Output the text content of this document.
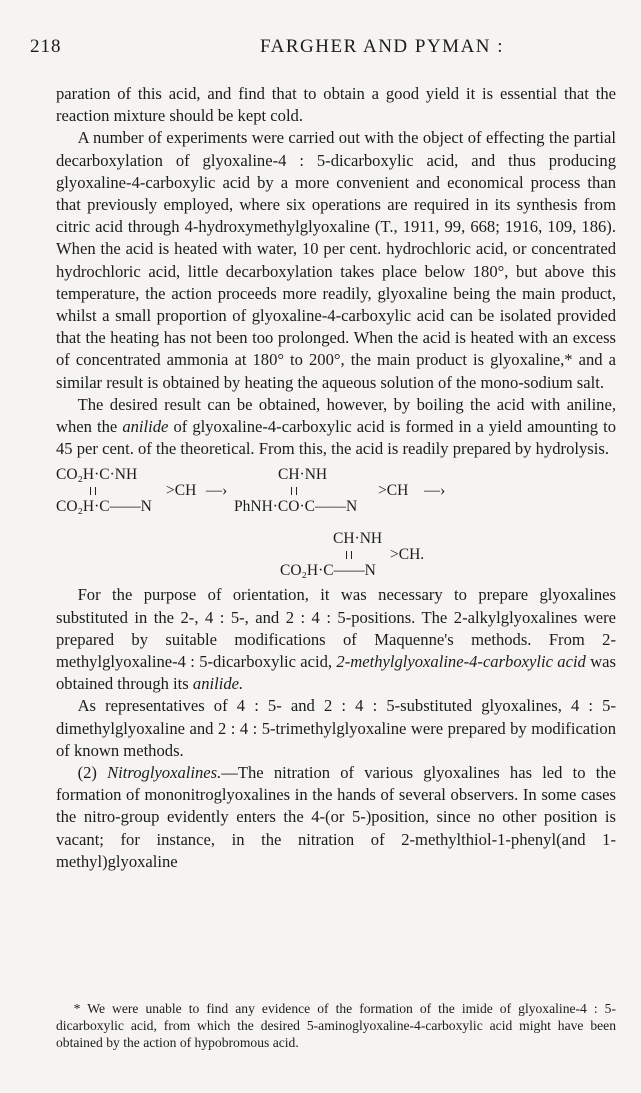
218	FARGHER AND PYMAN :

paration of this acid, and find that to obtain a good yield it is essential that the reaction mixture should be kept cold.

A number of experiments were carried out with the object of effecting the partial decarboxylation of glyoxaline-4 : 5-dicarboxylic acid, and thus producing glyoxaline-4-carboxylic acid by a more convenient and economical process than that previously employed, where six operations are required in its synthesis from citric acid through 4-hydroxymethylglyoxaline (T., 1911, 99, 668; 1916, 109, 186). When the acid is heated with water, 10 per cent. hydrochloric acid, or concentrated hydrochloric acid, little decarboxylation takes place below 180°, but above this temperature, the action proceeds more readily, glyoxaline being the main product, whilst a small proportion of glyoxaline-4-carboxylic acid can be isolated provided that the heating has not been too prolonged. When the acid is heated with an excess of concentrated ammonia at 180° to 200°, the main product is glyoxaline,* and a similar result is obtained by heating the aqueous solution of the mono-sodium salt.

The desired result can be obtained, however, by boiling the acid with aniline, when the anilide of glyoxaline-4-carboxylic acid is formed in a yield amounting to 45 per cent. of the theoretical. From this, the acid is readily prepared by hydrolysis.

CO₂H·C·NH
CO₂H·C——N
>CH —›
CH·NH
PhNH·CO·C——N
>CH —›
CH·NH
CO₂H·C——N
>CH.

For the purpose of orientation, it was necessary to prepare glyoxalines substituted in the 2-, 4 : 5-, and 2 : 4 : 5-positions. The 2-alkylglyoxalines were prepared by suitable modifications of Maquenne's methods. From 2-methylglyoxaline-4 : 5-dicarboxylic acid, 2-methylglyoxaline-4-carboxylic acid was obtained through its anilide.

As representatives of 4 : 5- and 2 : 4 : 5-substituted glyoxalines, 4 : 5-dimethylglyoxaline and 2 : 4 : 5-trimethylglyoxaline were prepared by modification of known methods.

(2) Nitroglyoxalines.—The nitration of various glyoxalines has led to the formation of mononitroglyoxalines in the hands of several observers. In some cases the nitro-group evidently enters the 4-(or 5-)position, since no other position is vacant; for instance, in the nitration of 2-methylthiol-1-phenyl(and 1-methyl)glyoxaline

* We were unable to find any evidence of the formation of the imide of glyoxaline-4 : 5-dicarboxylic acid, from which the desired 5-aminoglyoxaline-4-carboxylic acid might have been obtained by the action of hypobromous acid.
